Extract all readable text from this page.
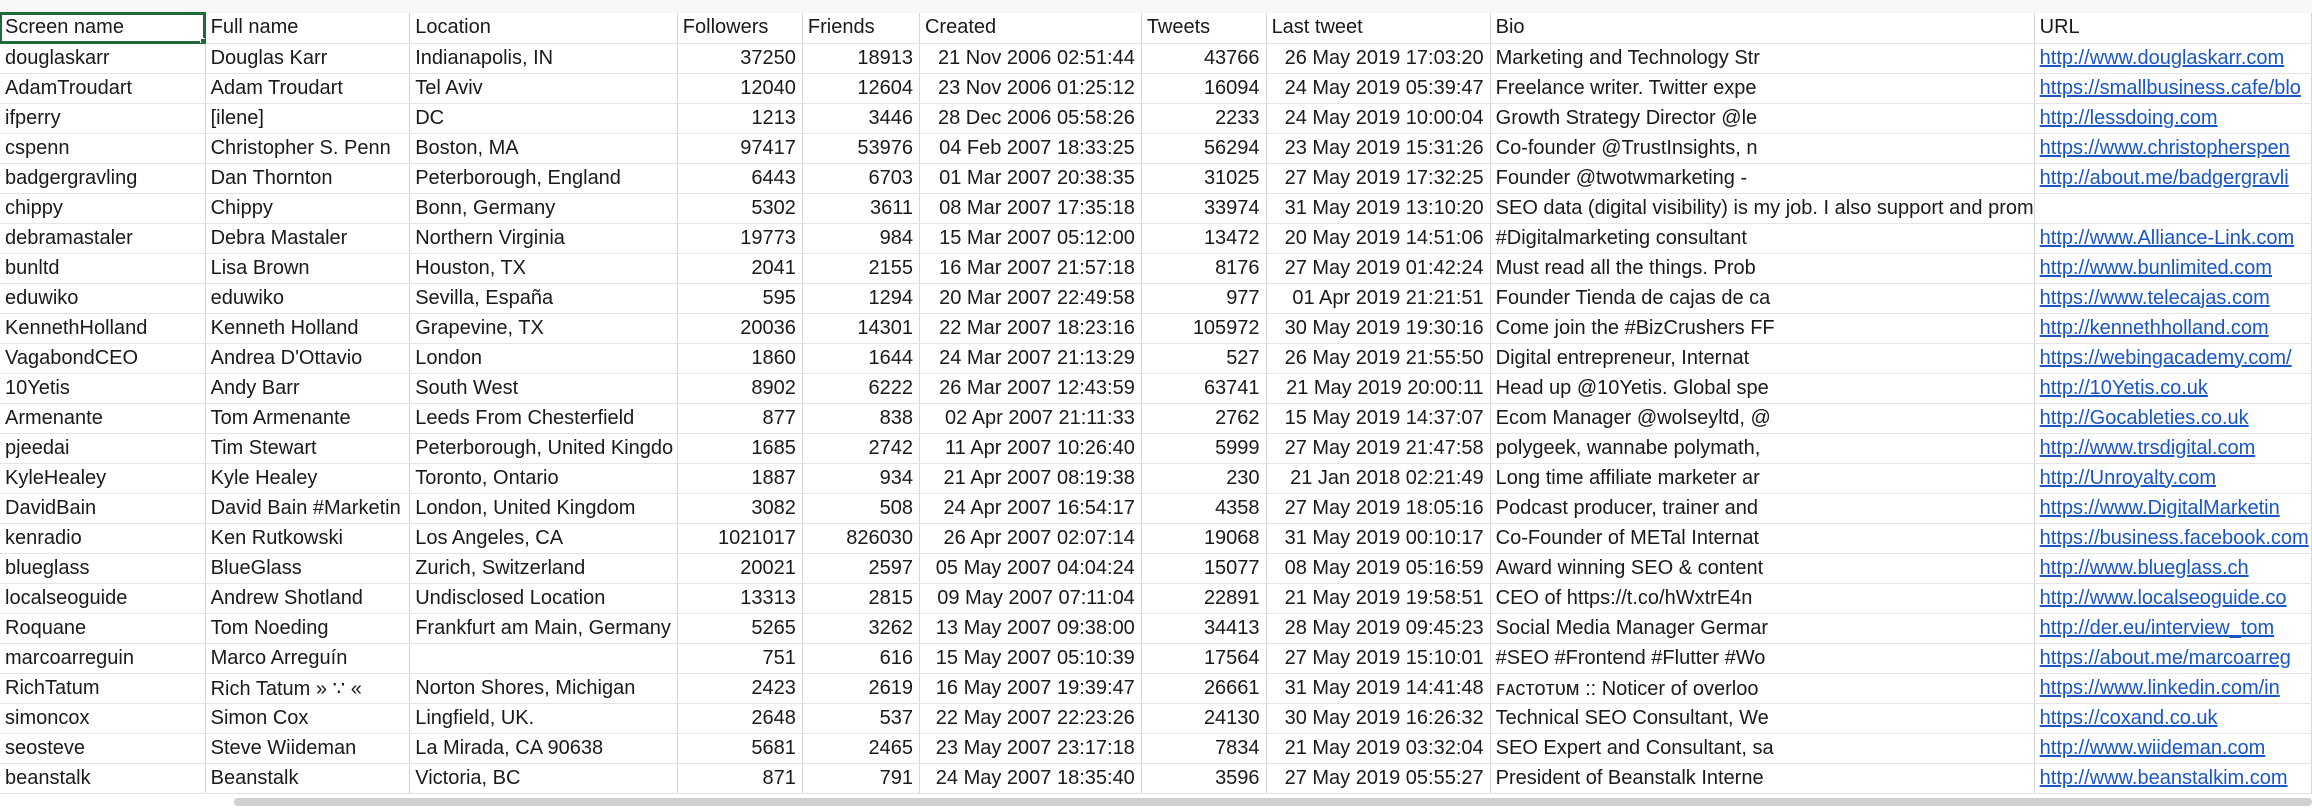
Screen name	Full name	Location	Followers	Friends	Created	Tweets	Last tweet	Bio	URL
douglaskarr	Douglas Karr	Indianapolis, IN	37250	18913	21 Nov 2006 02:51:44	43766	26 May 2019 17:03:20	Marketing and Technology Str	http://www.douglaskarr.com
AdamTroudart	Adam Troudart	Tel Aviv	12040	12604	23 Nov 2006 01:25:12	16094	24 May 2019 05:39:47	Freelance writer. Twitter expe	https://smallbusiness.cafe/blo
ifperry	[ilene]	DC	1213	3446	28 Dec 2006 05:58:26	2233	24 May 2019 10:00:04	Growth Strategy Director @le	http://lessdoing.com
cspenn	Christopher S. Penn	Boston, MA	97417	53976	04 Feb 2007 18:33:25	56294	23 May 2019 15:31:26	Co-founder @TrustInsights, n	https://www.christopherspen
badgergravling	Dan Thornton	Peterborough, England	6443	6703	01 Mar 2007 20:38:35	31025	27 May 2019 17:32:25	Founder @twotwmarketing -	http://about.me/badgergravli
chippy	Chippy	Bonn, Germany	5302	3611	08 Mar 2007 17:35:18	33974	31 May 2019 13:10:20	SEO data (digital visibility) is my job. I also support and prom	
debramastaler	Debra Mastaler	Northern Virginia	19773	984	15 Mar 2007 05:12:00	13472	20 May 2019 14:51:06	#Digitalmarketing consultant	http://www.Alliance-Link.com
bunltd	Lisa Brown	Houston, TX	2041	2155	16 Mar 2007 21:57:18	8176	27 May 2019 01:42:24	Must read all the things. Prob	http://www.bunlimited.com
eduwiko	eduwiko	Sevilla, España	595	1294	20 Mar 2007 22:49:58	977	01 Apr 2019 21:21:51	Founder Tienda de cajas de ca	https://www.telecajas.com
KennethHolland	Kenneth Holland	Grapevine, TX	20036	14301	22 Mar 2007 18:23:16	105972	30 May 2019 19:30:16	Come join the #BizCrushers FF	http://kennethholland.com
VagabondCEO	Andrea D'Ottavio	London	1860	1644	24 Mar 2007 21:13:29	527	26 May 2019 21:55:50	Digital entrepreneur, Internat	https://webingacademy.com/
10Yetis	Andy Barr	South West	8902	6222	26 Mar 2007 12:43:59	63741	21 May 2019 20:00:11	Head up @10Yetis. Global spe	http://10Yetis.co.uk
Armenante	Tom Armenante	Leeds From Chesterfield	877	838	02 Apr 2007 21:11:33	2762	15 May 2019 14:37:07	Ecom Manager @wolseyltd, @	http://Gocableties.co.uk
pjeedai	Tim Stewart	Peterborough, United Kingdo	1685	2742	11 Apr 2007 10:26:40	5999	27 May 2019 21:47:58	polygeek, wannabe polymath,	http://www.trsdigital.com
KyleHealey	Kyle Healey	Toronto, Ontario	1887	934	21 Apr 2007 08:19:38	230	21 Jan 2018 02:21:49	Long time affiliate marketer ar	http://Unroyalty.com
DavidBain	David Bain #Marketin	London, United Kingdom	3082	508	24 Apr 2007 16:54:17	4358	27 May 2019 18:05:16	Podcast producer, trainer and	https://www.DigitalMarketin
kenradio	Ken Rutkowski	Los Angeles, CA	1021017	826030	26 Apr 2007 02:07:14	19068	31 May 2019 00:10:17	Co-Founder of METal Internat	https://business.facebook.com
blueglass	BlueGlass	Zurich, Switzerland	20021	2597	05 May 2007 04:04:24	15077	08 May 2019 05:16:59	Award winning SEO & content	http://www.blueglass.ch
localseoguide	Andrew Shotland	Undisclosed Location	13313	2815	09 May 2007 07:11:04	22891	21 May 2019 19:58:51	CEO of https://t.co/hWxtrE4n	http://www.localseoguide.co
Roquane	Tom Noeding	Frankfurt am Main, Germany	5265	3262	13 May 2007 09:38:00	34413	28 May 2019 09:45:23	Social Media Manager Germar	http://der.eu/interview_tom
marcoarreguin	Marco Arreguín		751	616	15 May 2007 05:10:39	17564	27 May 2019 15:10:01	#SEO #Frontend #Flutter #Wo	https://about.me/marcoarreg
RichTatum	Rich Tatum » ∵ «	Norton Shores, Michigan	2423	2619	16 May 2007 19:39:47	26661	31 May 2019 14:41:48	ꜰᴀᴄᴛᴏᴛᴜᴍ :: Noticer of overloo	https://www.linkedin.com/in
simoncox	Simon Cox	Lingfield, UK.	2648	537	22 May 2007 22:23:26	24130	30 May 2019 16:26:32	Technical SEO Consultant, We	https://coxand.co.uk
seosteve	Steve Wiideman	La Mirada, CA 90638	5681	2465	23 May 2007 23:17:18	7834	21 May 2019 03:32:04	SEO Expert and Consultant, sa	http://www.wiideman.com
beanstalk	Beanstalk	Victoria, BC	871	791	24 May 2007 18:35:40	3596	27 May 2019 05:55:27	President of Beanstalk Interne	http://www.beanstalkim.com
